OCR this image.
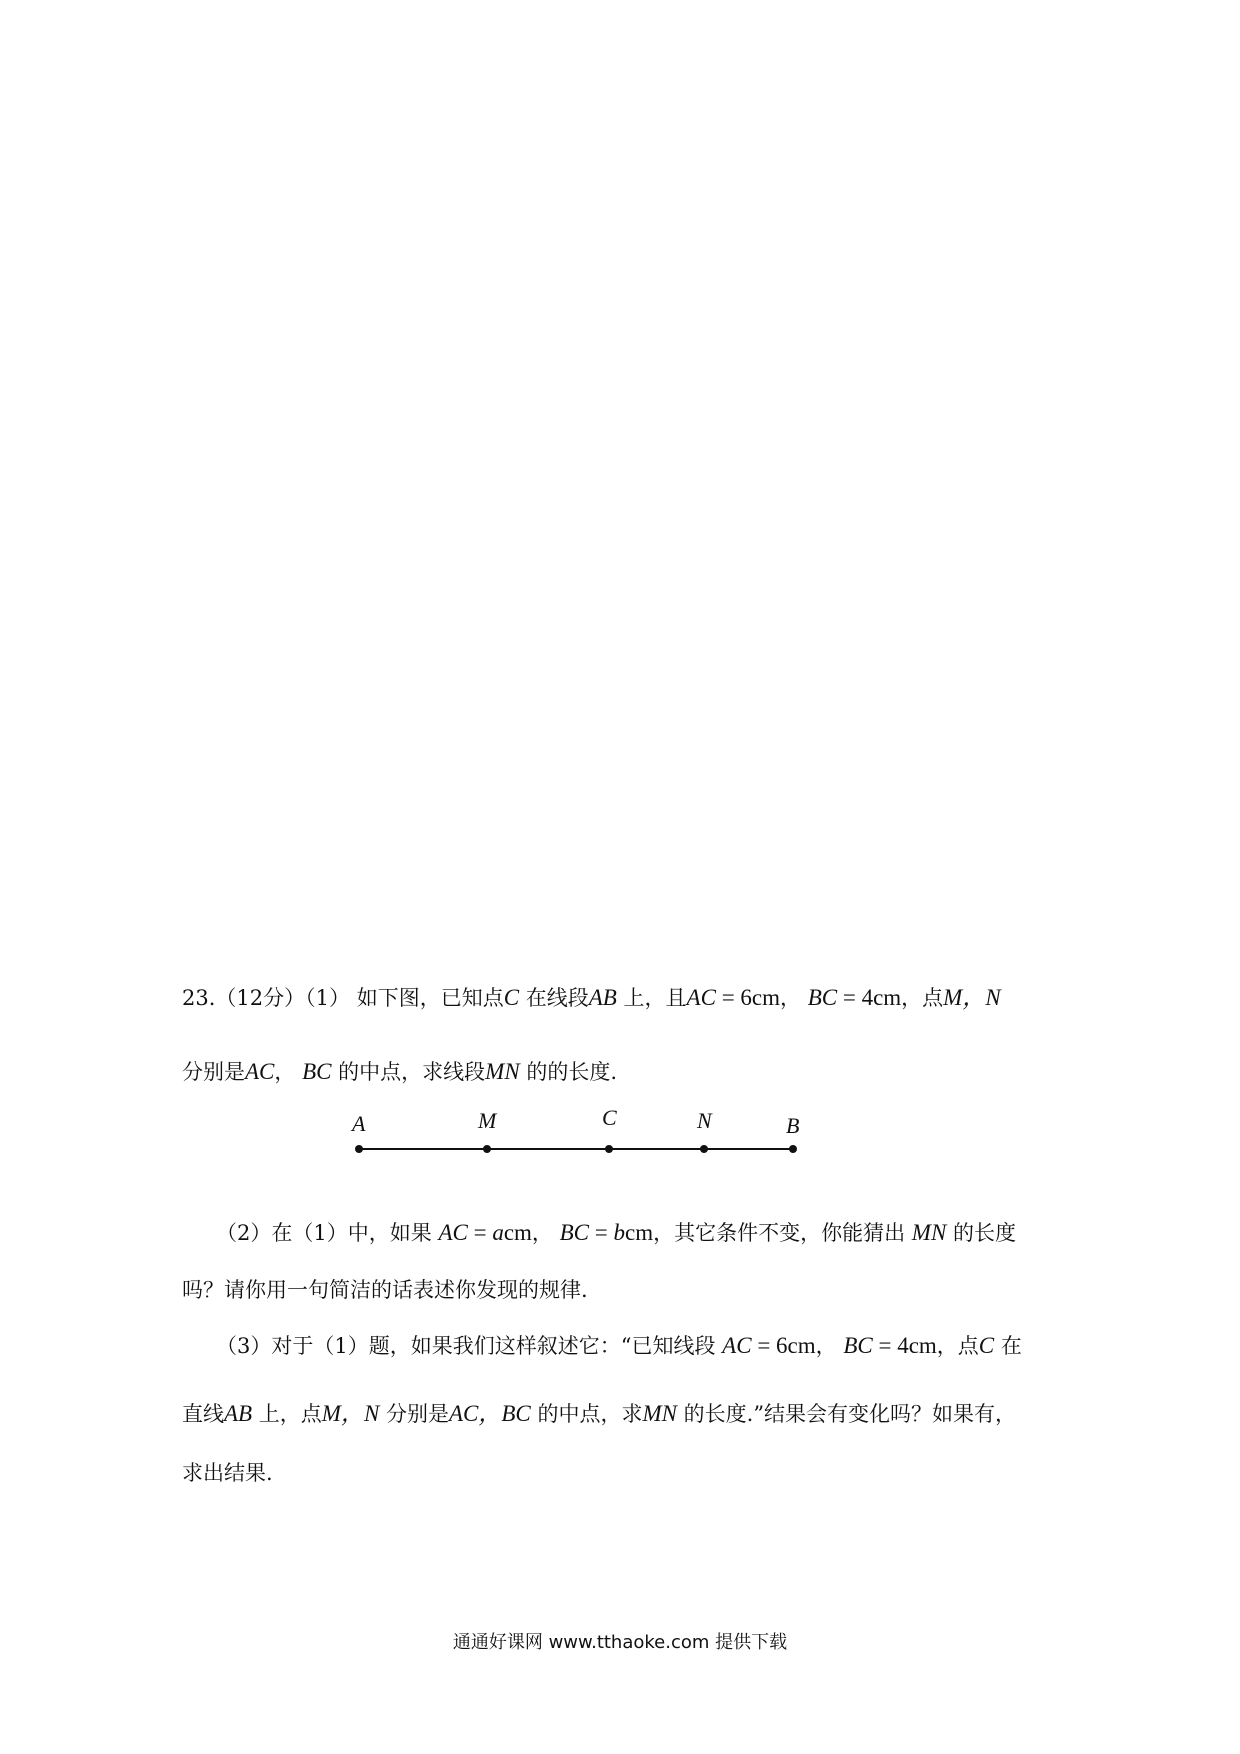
23.（12分）（1） 如下图，已知点C 在线段AB 上，且AC = 6cm， BC = 4cm，点M，N
分别是AC， BC 的中点，求线段MN 的的长度.
A	M	C	N	B
（2）在（1）中，如果 AC = acm， BC = bcm，其它条件不变，你能猜出 MN 的长度
吗？请你用一句简洁的话表述你发现的规律.
（3）对于（1）题，如果我们这样叙述它：“已知线段 AC = 6cm， BC = 4cm，点C 在
直线AB 上，点M，N 分别是AC，BC 的中点，求MN 的长度.”结果会有变化吗？如果有，
求出结果.
通通好课网 www.tthaoke.com 提供下载
